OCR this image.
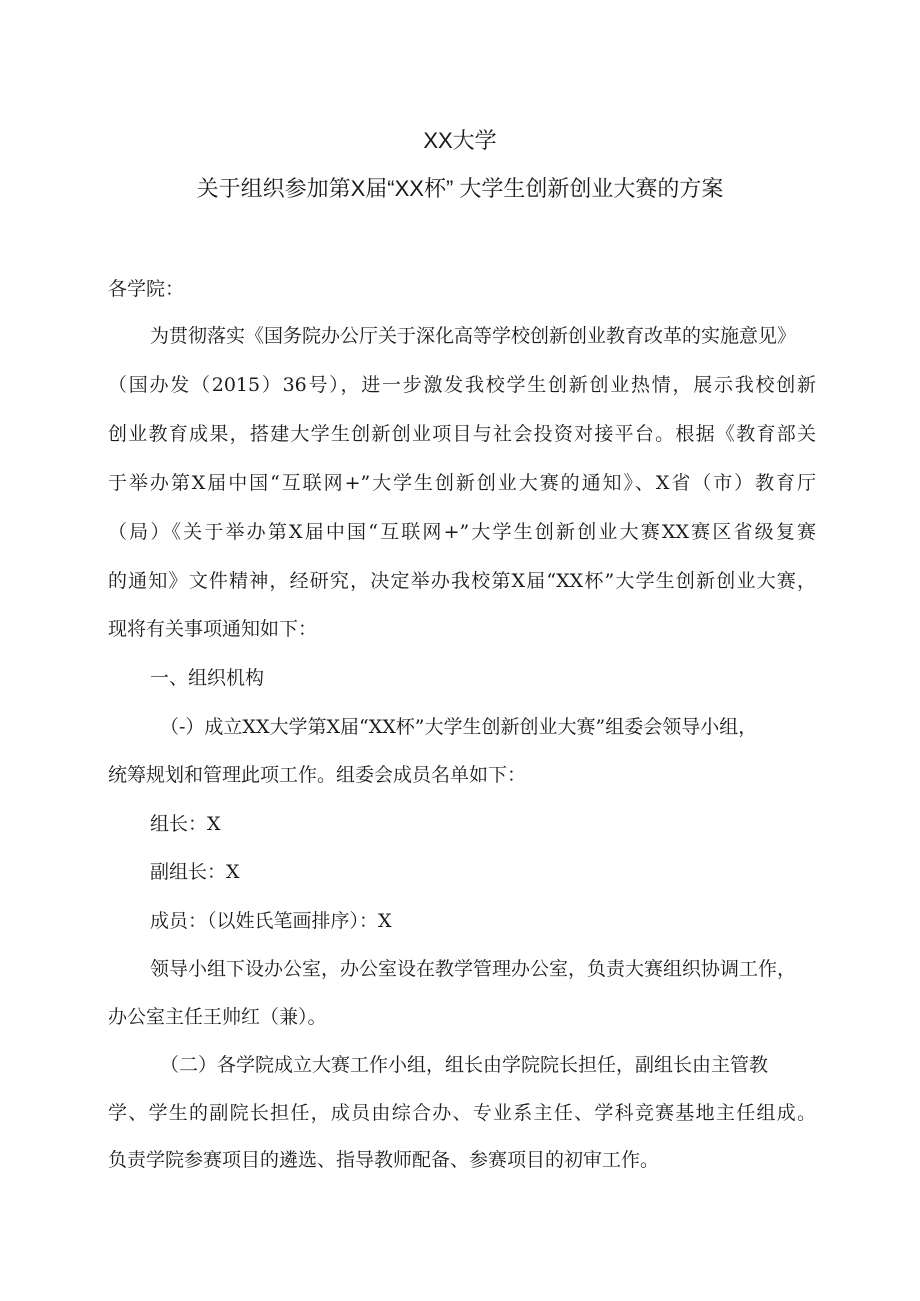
XX大学
关于组织参加第X届“XX杯” 大学生创新创业大赛的方案
各学院：
为贯彻落实《国务院办公厅关于深化高等学校创新创业教育改革的实施意见》
（国办发（2015）36号），进一步激发我校学生创新创业热情，展示我校创新
创业教育成果，搭建大学生创新创业项目与社会投资对接平台。根据《教育部关
于举办第X届中国“互联网+”大学生创新创业大赛的通知》、X省（市）教育厅
（局）《关于举办第X届中国“互联网+”大学生创新创业大赛XX赛区省级复赛
的通知》文件精神，经研究，决定举办我校第X届“XX杯”大学生创新创业大赛，
现将有关事项通知如下：
一、组织机构
（-）成立XX大学第X届“XX杯”大学生创新创业大赛”组委会领导小组，
统筹规划和管理此项工作。组委会成员名单如下：
组长：X
副组长：X
成员：（以姓氏笔画排序）：X
领导小组下设办公室，办公室设在教学管理办公室，负责大赛组织协调工作，
办公室主任王帅红（兼）。
（二）各学院成立大赛工作小组，组长由学院院长担任，副组长由主管教
学、学生的副院长担任，成员由综合办、专业系主任、学科竞赛基地主任组成。
负责学院参赛项目的遴选、指导教师配备、参赛项目的初审工作。
